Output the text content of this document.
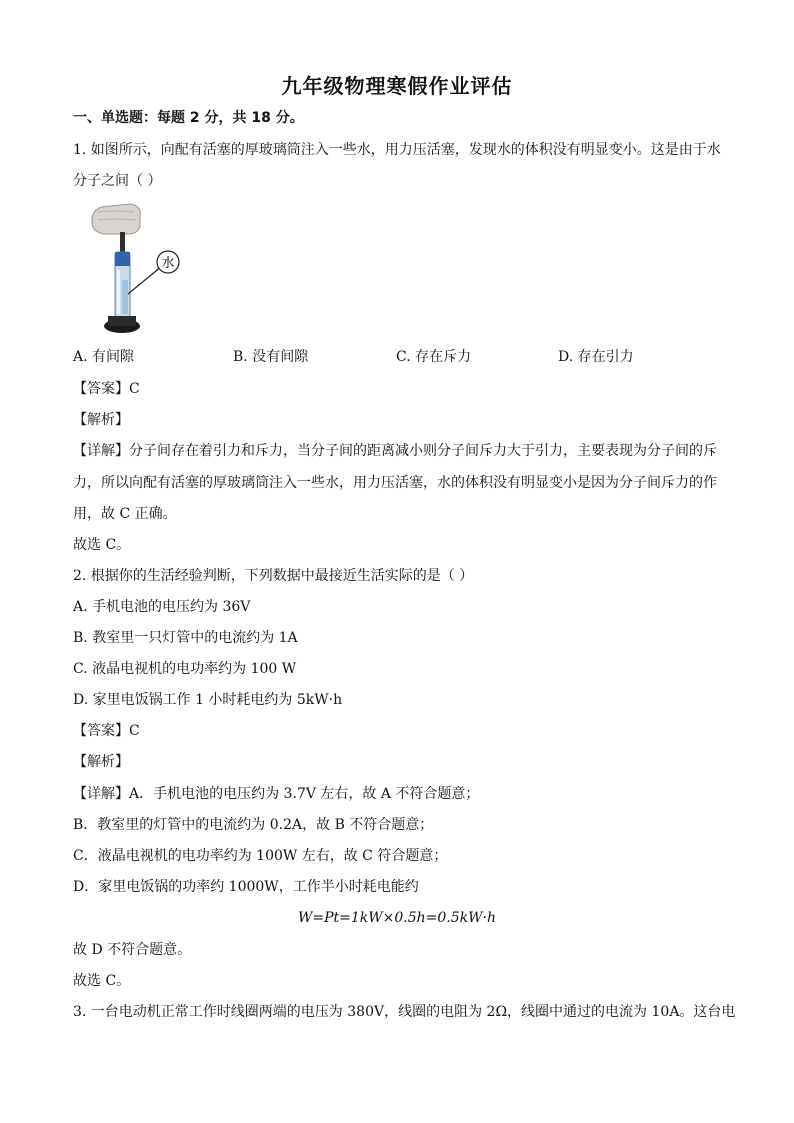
九年级物理寒假作业评估
一、单选题：每题 2 分，共 18 分。
1. 如图所示，向配有活塞的厚玻璃筒注入一些水，用力压活塞，发现水的体积没有明显变小。这是由于水
分子之间（ ）
水
A. 有间隙	B. 没有间隙	C. 存在斥力	D. 存在引力
【答案】C
【解析】
【详解】分子间存在着引力和斥力，当分子间的距离减小则分子间斥力大于引力，主要表现为分子间的斥
力，所以向配有活塞的厚玻璃筒注入一些水，用力压活塞，水的体积没有明显变小是因为分子间斥力的作
用，故 C 正确。
故选 C。
2. 根据你的生活经验判断，下列数据中最接近生活实际的是（ ）
A. 手机电池的电压约为 36V
B. 教室里一只灯管中的电流约为 1A
C. 液晶电视机的电功率约为 100 W
D. 家里电饭锅工作 1 小时耗电约为 5kW·h
【答案】C
【解析】
【详解】A．手机电池的电压约为 3.7V 左右，故 A 不符合题意；
B．教室里的灯管中的电流约为 0.2A，故 B 不符合题意；
C．液晶电视机的电功率约为 100W 左右，故 C 符合题意；
D．家里电饭锅的功率约 1000W，工作半小时耗电能约
W=Pt=1kW×0.5h=0.5kW·h
故 D 不符合题意。
故选 C。
3. 一台电动机正常工作时线圈两端的电压为 380V，线圈的电阻为 2Ω，线圈中通过的电流为 10A。这台电
